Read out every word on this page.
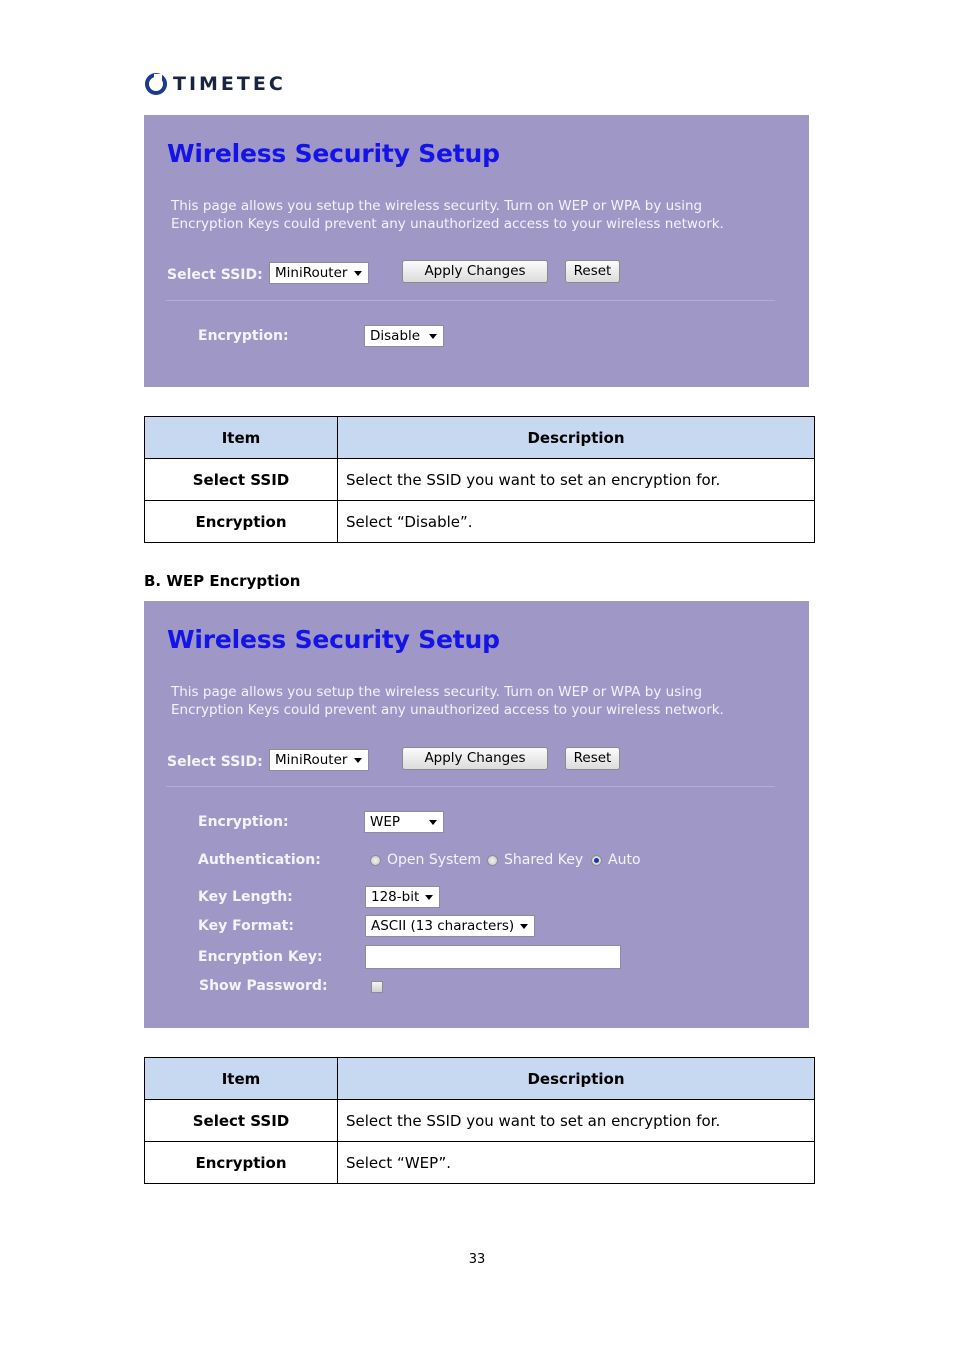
TIMETEC
Wireless Security Setup
This page allows you setup the wireless security. Turn on WEP or WPA by using
Encryption Keys could prevent any unauthorized access to your wireless network.
Select SSID: MiniRouter	Apply Changes	Reset
Encryption:	Disable
Item	Description
Select SSID	Select the SSID you want to set an encryption for.
Encryption	Select “Disable”.
B. WEP Encryption
Wireless Security Setup
This page allows you setup the wireless security. Turn on WEP or WPA by using
Encryption Keys could prevent any unauthorized access to your wireless network.
Select SSID: MiniRouter	Apply Changes	Reset
Encryption:	WEP
Authentication:	Open System Shared Key Auto
Key Length:	128-bit
Key Format:	ASCII (13 characters)
Encryption Key:
Show Password:
Item	Description
Select SSID	Select the SSID you want to set an encryption for.
Encryption	Select “WEP”.
33
